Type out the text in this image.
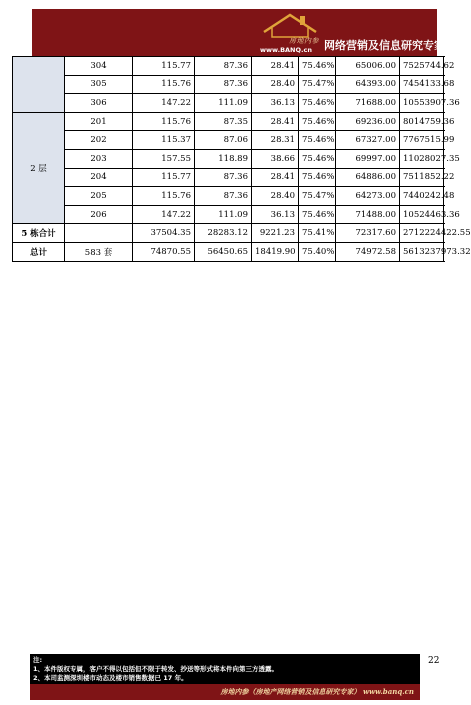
房地内参
www.BANQ.cn 网络营销及信息研究专家
	304	115.77	87.36	28.41	75.46%	65006.00	7525744.62
	305	115.76	87.36	28.40	75.47%	64393.00	7454133.68
	306	147.22	111.09	36.13	75.46%	71688.00	10553907.36
2 层	201	115.76	87.35	28.41	75.46%	69236.00	8014759.36
	202	115.37	87.06	28.31	75.46%	67327.00	7767515.99
	203	157.55	118.89	38.66	75.46%	69997.00	11028027.35
	204	115.77	87.36	28.41	75.46%	64886.00	7511852.22
	205	115.76	87.36	28.40	75.47%	64273.00	7440242.48
	206	147.22	111.09	36.13	75.46%	71488.00	10524463.36
5 栋合计		37504.35	28283.12	9221.23	75.41%	72317.60	2712224422.55
总计	583 套	74870.55	56450.65	18419.90	75.40%	74972.58	5613237973.32
注:
1、本件版权专属，客户不得以包括但不限于转发、抄送等形式将本件向第三方透露。
2、本司监测深圳楼市动态及楼市销售数据已 17 年。
22
房地内参（房地产网络营销及信息研究专家） www.banq.cn
